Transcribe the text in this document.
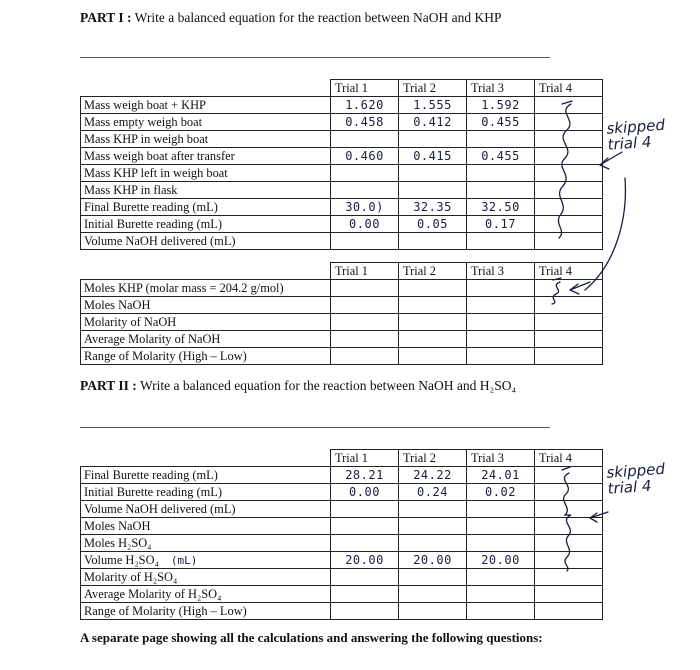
PART I : Write a balanced equation for the reaction between NaOH and KHP
	Trial 1	Trial 2	Trial 3	Trial 4
Mass weigh boat + KHP	1.620	1.555	1.592	
Mass empty weigh boat	0.458	0.412	0.455	
Mass KHP in weigh boat				
Mass weigh boat after transfer	0.460	0.415	0.455	
Mass KHP left in weigh boat				
Mass KHP in flask				
Final Burette reading (mL)	30.0)	32.35	32.50	
Initial Burette reading (mL)	0.00	0.05	0.17	
Volume NaOH delivered (mL)				
	Trial 1	Trial 2	Trial 3	Trial 4
Moles KHP (molar mass = 204.2 g/mol)				
Moles NaOH				
Molarity of NaOH				
Average Molarity of NaOH				
Range of Molarity (High – Low)				
PART II : Write a balanced equation for the reaction between NaOH and H₂SO₄
	Trial 1	Trial 2	Trial 3	Trial 4
Final Burette reading (mL)	28.21	24.22	24.01	
Initial Burette reading (mL)	0.00	0.24	0.02	
Volume NaOH delivered (mL)				
Moles NaOH				
Moles H₂SO₄				
Volume H₂SO₄ (mL)	20.00	20.00	20.00	
Molarity of H₂SO₄				
Average Molarity of H₂SO₄				
Range of Molarity (High – Low)				
A separate page showing all the calculations and answering the following questions:
skipped trial 4
skipped trial 4
